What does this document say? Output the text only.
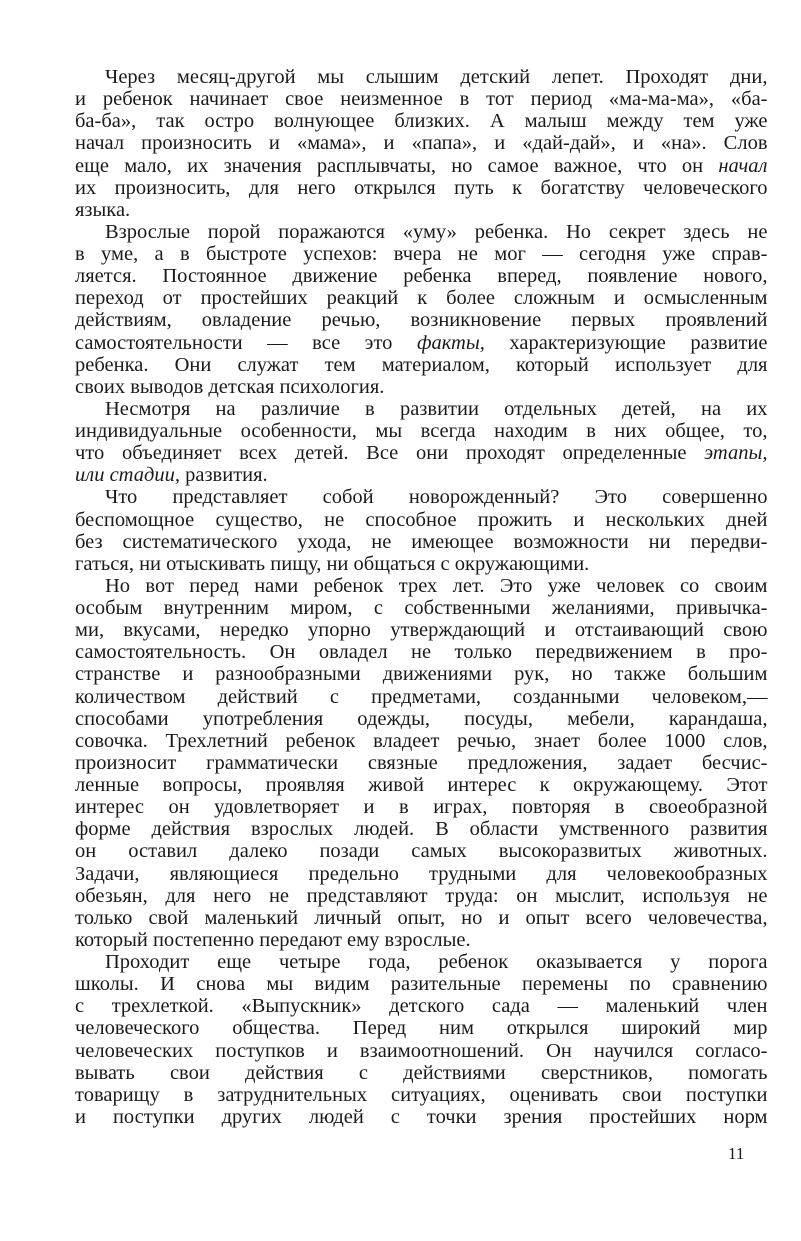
Через месяц-другой мы слышим детский лепет. Проходят дни,
и ребенок начинает свое неизменное в тот период «ма-ма-ма», «ба-
ба-ба», так остро волнующее близких. А малыш между тем уже
начал произносить и «мама», и «папа», и «дай-дай», и «на». Слов
еще мало, их значения расплывчаты, но самое важное, что он начал
их произносить, для него открылся путь к богатству человеческого
языка.
Взрослые порой поражаются «уму» ребенка. Но секрет здесь не
в уме, а в быстроте успехов: вчера не мог — сегодня уже справ-
ляется. Постоянное движение ребенка вперед, появление нового,
переход от простейших реакций к более сложным и осмысленным
действиям, овладение речью, возникновение первых проявлений
самостоятельности — все это факты, характеризующие развитие
ребенка. Они служат тем материалом, который использует для
своих выводов детская психология.
Несмотря на различие в развитии отдельных детей, на их
индивидуальные особенности, мы всегда находим в них общее, то,
что объединяет всех детей. Все они проходят определенные этапы,
или стадии, развития.
Что представляет собой новорожденный? Это совершенно
беспомощное существо, не способное прожить и нескольких дней
без систематического ухода, не имеющее возможности ни передви-
гаться, ни отыскивать пищу, ни общаться с окружающими.
Но вот перед нами ребенок трех лет. Это уже человек со своим
особым внутренним миром, с собственными желаниями, привычка-
ми, вкусами, нередко упорно утверждающий и отстаивающий свою
самостоятельность. Он овладел не только передвижением в про-
странстве и разнообразными движениями рук, но также большим
количеством действий с предметами, созданными человеком,—
способами употребления одежды, посуды, мебели, карандаша,
совочка. Трехлетний ребенок владеет речью, знает более 1000 слов,
произносит грамматически связные предложения, задает бесчис-
ленные вопросы, проявляя живой интерес к окружающему. Этот
интерес он удовлетворяет и в играх, повторяя в своеобразной
форме действия взрослых людей. В области умственного развития
он оставил далеко позади самых высокоразвитых животных.
Задачи, являющиеся предельно трудными для человекообразных
обезьян, для него не представляют труда: он мыслит, используя не
только свой маленький личный опыт, но и опыт всего человечества,
который постепенно передают ему взрослые.
Проходит еще четыре года, ребенок оказывается у порога
школы. И снова мы видим разительные перемены по сравнению
с трехлеткой. «Выпускник» детского сада — маленький член
человеческого общества. Перед ним открылся широкий мир
человеческих поступков и взаимоотношений. Он научился согласо-
вывать свои действия с действиями сверстников, помогать
товарищу в затруднительных ситуациях, оценивать свои поступки
и поступки других людей с точки зрения простейших норм
11
